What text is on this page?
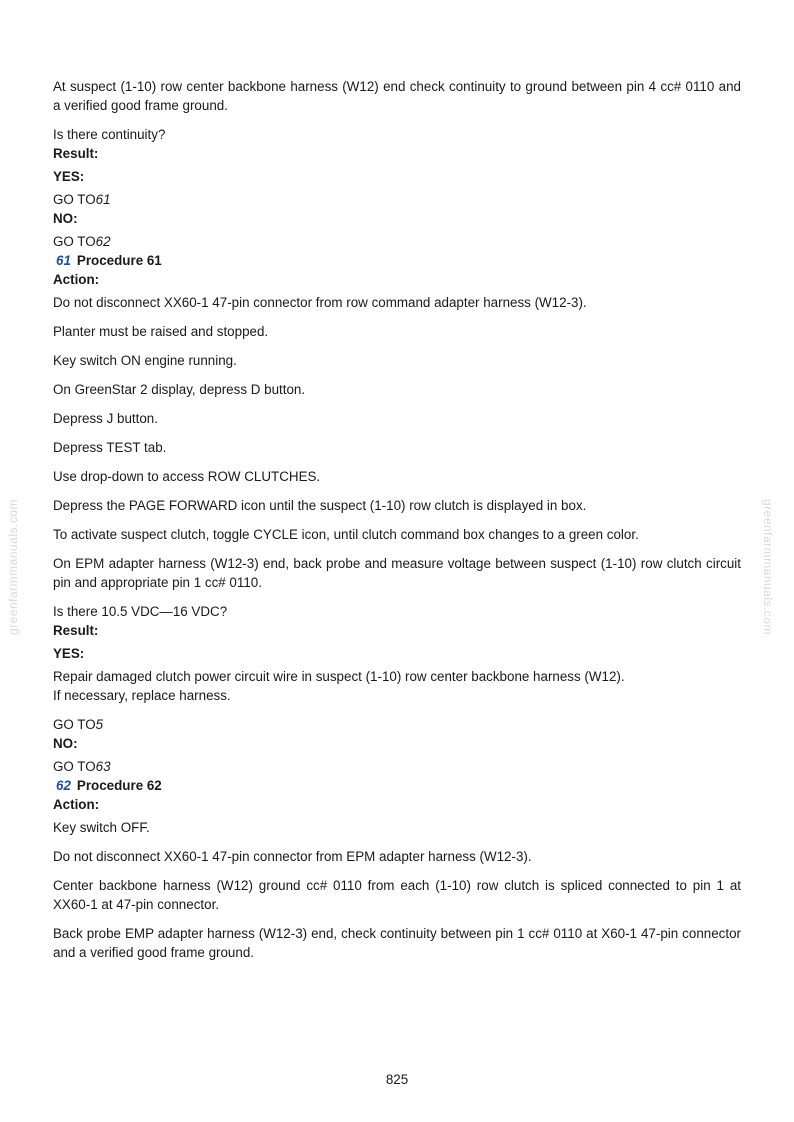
greenfarmmanuals.com	greenfarmmanuals.com

At suspect (1-10) row center backbone harness (W12) end check continuity to ground between pin 4 cc# 0110 and a verified good frame ground.

Is there continuity?

Result:

YES:

GO TO61

NO:

GO TO62

61 Procedure 61

Action:

Do not disconnect XX60-1 47-pin connector from row command adapter harness (W12-3).

Planter must be raised and stopped.

Key switch ON engine running.

On GreenStar 2 display, depress D button.

Depress J button.

Depress TEST tab.

Use drop-down to access ROW CLUTCHES.

Depress the PAGE FORWARD icon until the suspect (1-10) row clutch is displayed in box.

To activate suspect clutch, toggle CYCLE icon, until clutch command box changes to a green color.

On EPM adapter harness (W12-3) end, back probe and measure voltage between suspect (1-10) row clutch circuit pin and appropriate pin 1 cc# 0110.

Is there 10.5 VDC—16 VDC?

Result:

YES:

Repair damaged clutch power circuit wire in suspect (1-10) row center backbone harness (W12).
If necessary, replace harness.

GO TO5

NO:

GO TO63

62 Procedure 62

Action:

Key switch OFF.

Do not disconnect XX60-1 47-pin connector from EPM adapter harness (W12-3).

Center backbone harness (W12) ground cc# 0110 from each (1-10) row clutch is spliced connected to pin 1 at XX60-1 at 47-pin connector.

Back probe EMP adapter harness (W12-3) end, check continuity between pin 1 cc# 0110 at X60-1 47-pin connector and a verified good frame ground.

825
